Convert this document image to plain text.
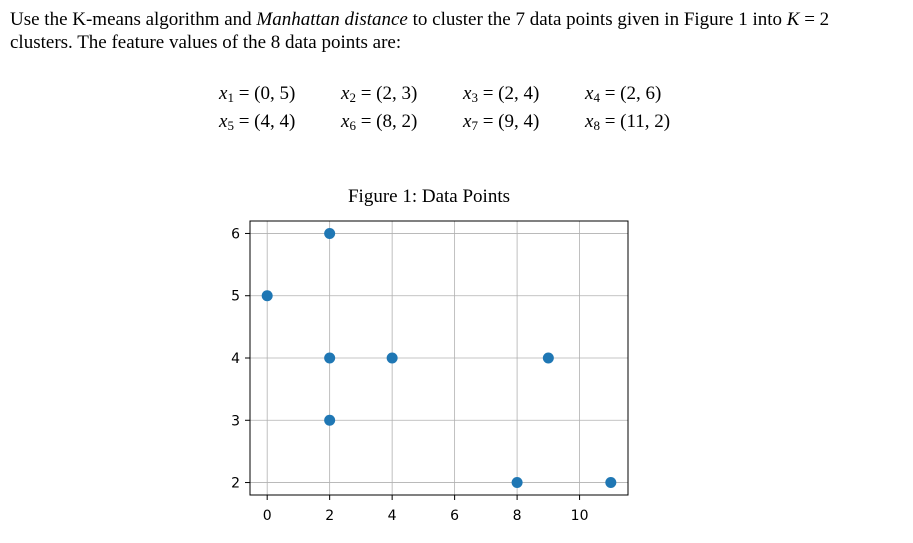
Use the K-means algorithm and Manhattan distance to cluster the 7 data points given in Figure 1 into K = 2
clusters. The feature values of the 8 data points are:

$x_1 = (0$, 5) $x_2 = (2$, 3) $x_3 = (2$, 4) $x_4 = (2$, 6)
$x_5 = (4$, 4) $x_6 = (8$, 2) $x_7 = (9$, 4) $x_8 = (11$, 2)
Figure 1: Data Points
0	2	4	6	8	10
2
3
4
5
6
